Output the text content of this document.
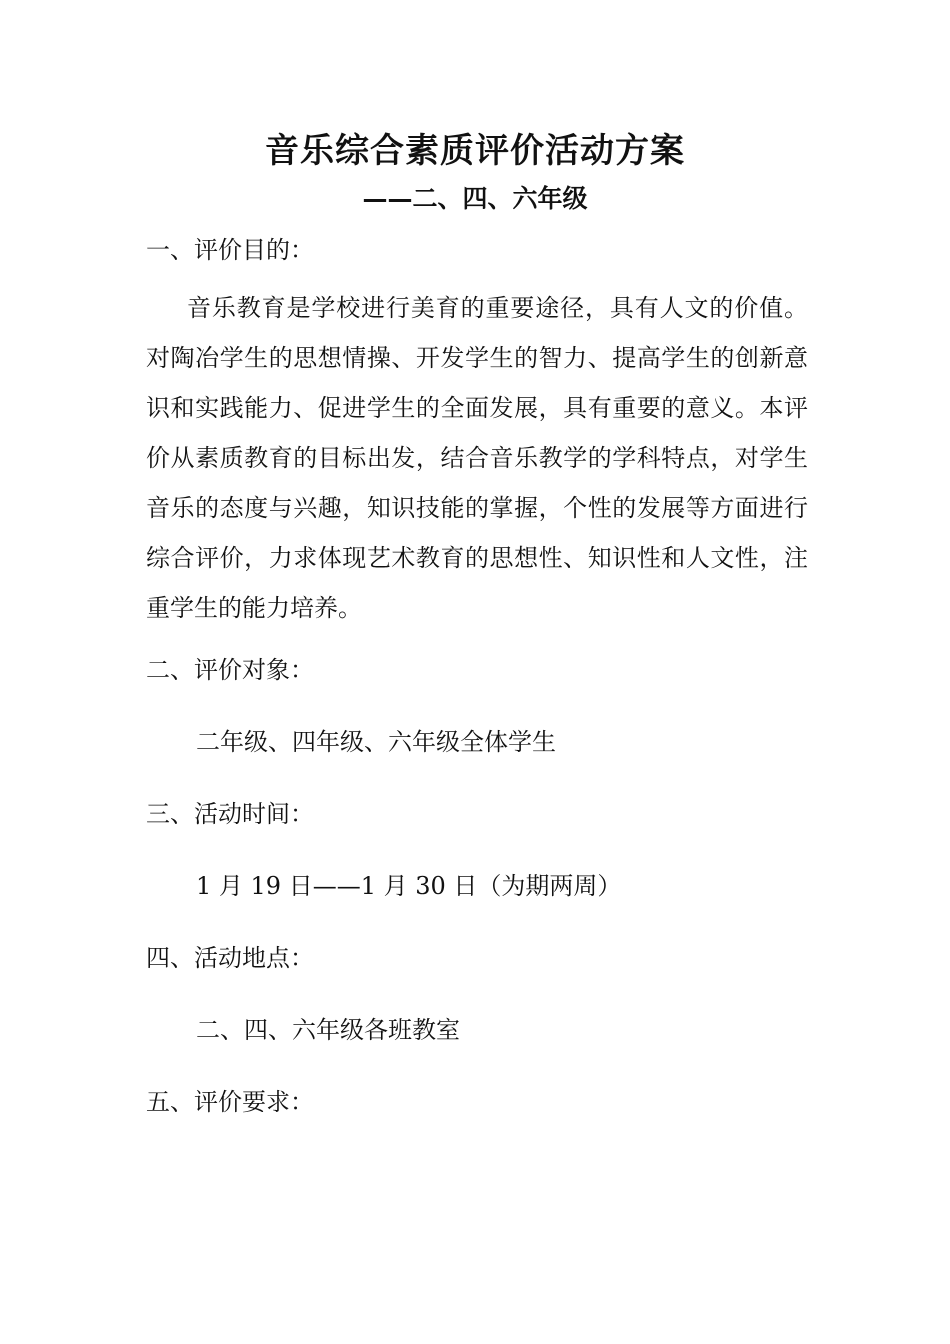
音乐综合素质评价活动方案
——二、四、六年级
一、评价目的：

音乐教育是学校进行美育的重要途径，具有人文的价值。对陶冶学生的思想情操、开发学生的智力、提高学生的创新意识和实践能力、促进学生的全面发展，具有重要的意义。本评价从素质教育的目标出发，结合音乐教学的学科特点，对学生音乐的态度与兴趣，知识技能的掌握，个性的发展等方面进行综合评价，力求体现艺术教育的思想性、知识性和人文性，注重学生的能力培养。

二、评价对象：
二年级、四年级、六年级全体学生
三、活动时间：
1 月 19 日——1 月 30 日（为期两周）
四、活动地点：
二、四、六年级各班教室
五、评价要求：
